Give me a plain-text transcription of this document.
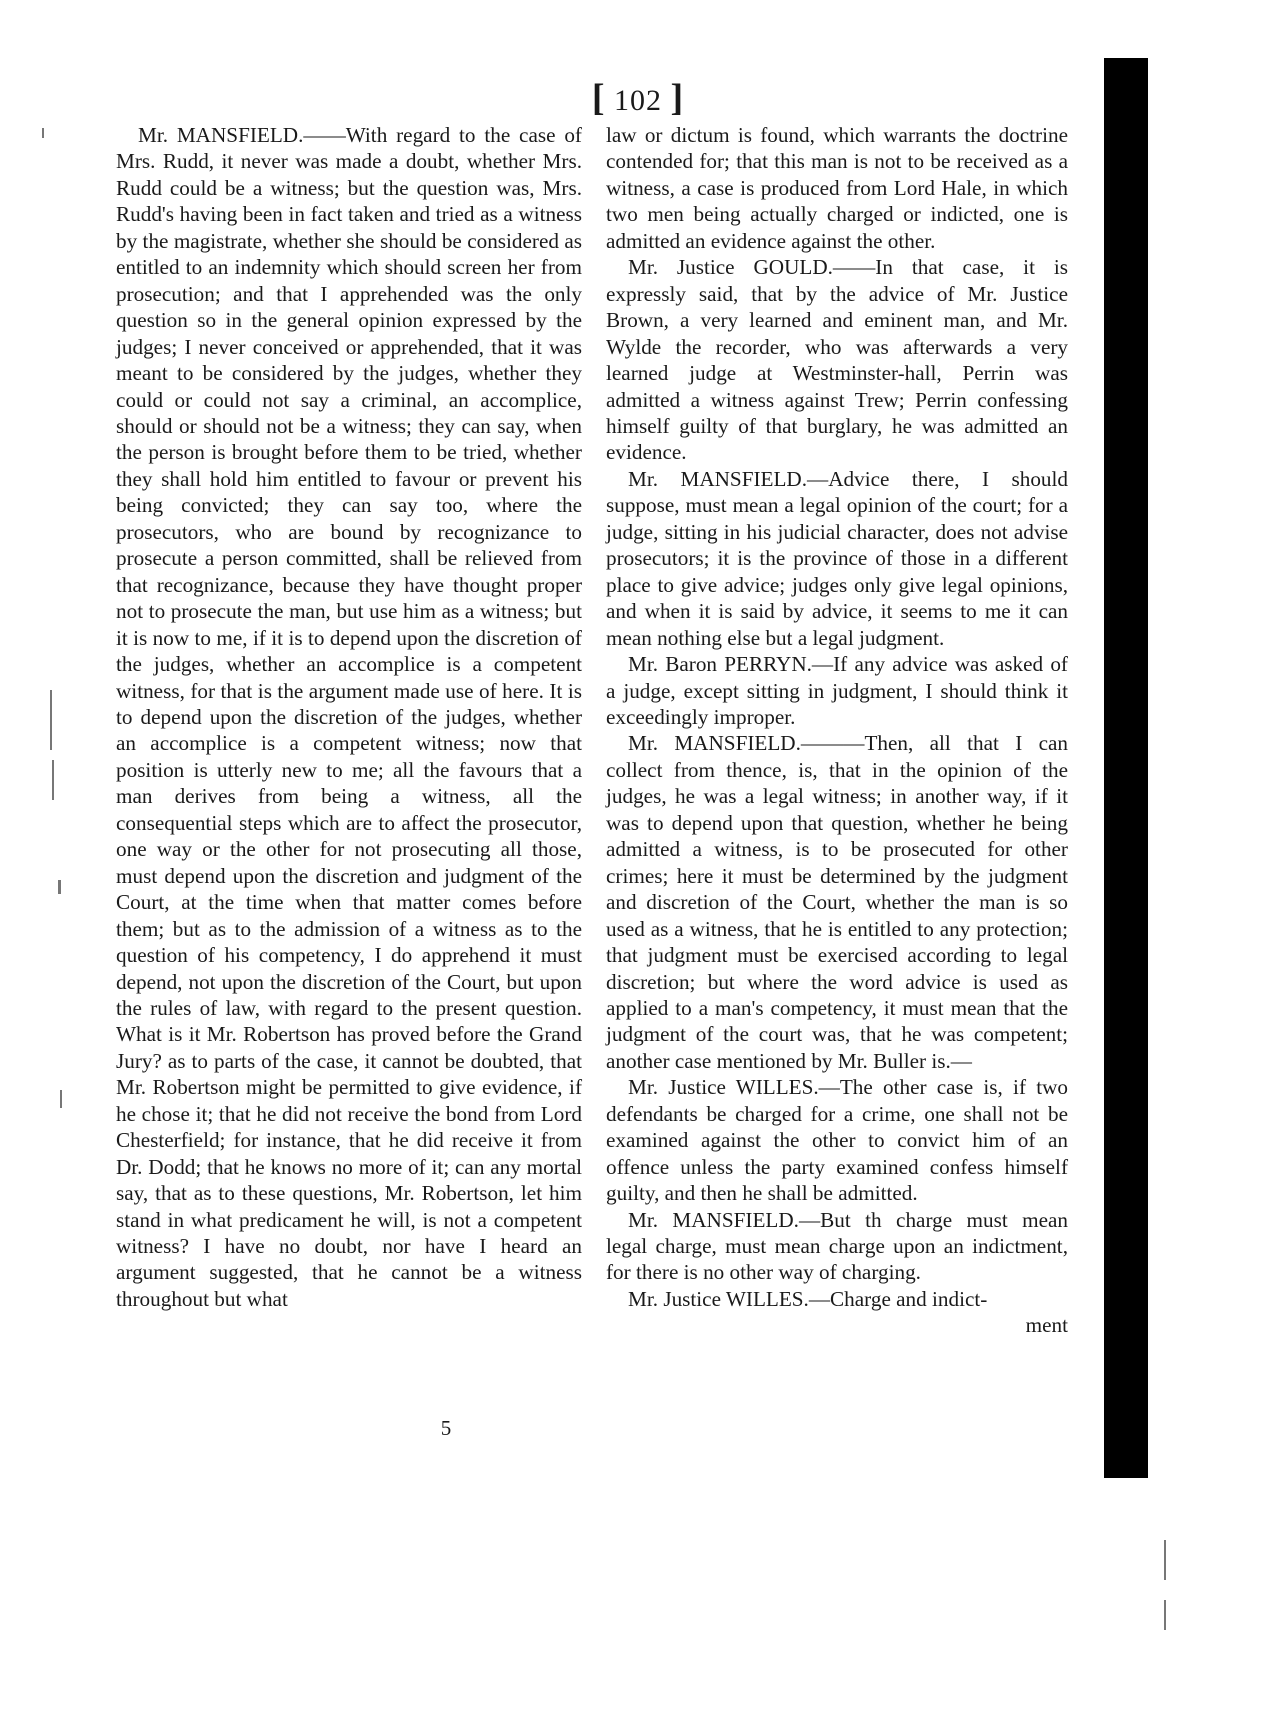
[ 102 ]

Mr. MANSFIELD.——With regard to the case of Mrs. Rudd, it never was made a doubt, whether Mrs. Rudd could be a witness; but the question was, Mrs. Rudd's having been in fact taken and tried as a witness by the magistrate, whether she should be considered as entitled to an indemnity which should screen her from prosecution; and that I apprehended was the only question so in the general opinion expressed by the judges; I never conceived or apprehended, that it was meant to be considered by the judges, whether they could or could not say a criminal, an accomplice, should or should not be a witness; they can say, when the person is brought before them to be tried, whether they shall hold him entitled to favour or prevent his being convicted; they can say too, where the prosecutors, who are bound by recognizance to prosecute a person committed, shall be relieved from that recognizance, because they have thought proper not to prosecute the man, but use him as a witness; but it is now to me, if it is to depend upon the discretion of the judges, whether an accomplice is a competent witness, for that is the argument made use of here. It is to depend upon the discretion of the judges, whether an accomplice is a competent witness; now that position is utterly new to me; all the favours that a man derives from being a witness, all the consequential steps which are to affect the prosecutor, one way or the other for not prosecuting all those, must depend upon the discretion and judgment of the Court, at the time when that matter comes before them; but as to the admission of a witness as to the question of his competency, I do apprehend it must depend, not upon the discretion of the Court, but upon the rules of law, with regard to the present question. What is it Mr. Robertson has proved before the Grand Jury? as to parts of the case, it cannot be doubted, that Mr. Robertson might be permitted to give evidence, if he chose it; that he did not receive the bond from Lord Chesterfield; for instance, that he did receive it from Dr. Dodd; that he knows no more of it; can any mortal say, that as to these questions, Mr. Robertson, let him stand in what predicament he will, is not a competent witness? I have no doubt, nor have I heard an argument suggested, that he cannot be a witness throughout but what

law or dictum is found, which warrants the doctrine contended for; that this man is not to be received as a witness, a case is produced from Lord Hale, in which two men being actually charged or indicted, one is admitted an evidence against the other.

Mr. Justice GOULD.——In that case, it is expressly said, that by the advice of Mr. Justice Brown, a very learned and eminent man, and Mr. Wylde the recorder, who was afterwards a very learned judge at Westminster-hall, Perrin was admitted a witness against Trew; Perrin confessing himself guilty of that burglary, he was admitted an evidence.

Mr. MANSFIELD.—Advice there, I should suppose, must mean a legal opinion of the court; for a judge, sitting in his judicial character, does not advise prosecutors; it is the province of those in a different place to give advice; judges only give legal opinions, and when it is said by advice, it seems to me it can mean nothing else but a legal judgment.

Mr. Baron PERRYN.—If any advice was asked of a judge, except sitting in judgment, I should think it exceedingly improper.

Mr. MANSFIELD.———Then, all that I can collect from thence, is, that in the opinion of the judges, he was a legal witness; in another way, if it was to depend upon that question, whether he being admitted a witness, is to be prosecuted for other crimes; here it must be determined by the judgment and discretion of the Court, whether the man is so used as a witness, that he is entitled to any protection; that judgment must be exercised according to legal discretion; but where the word advice is used as applied to a man's competency, it must mean that the judgment of the court was, that he was competent; another case mentioned by Mr. Buller is.—

Mr. Justice WILLES.—The other case is, if two defendants be charged for a crime, one shall not be examined against the other to convict him of an offence unless the party examined confess himself guilty, and then he shall be admitted.

Mr. MANSFIELD.—But th charge must mean legal charge, must mean charge upon an indictment, for there is no other way of charging.

Mr. Justice WILLES.—Charge and indict-

ment

5
